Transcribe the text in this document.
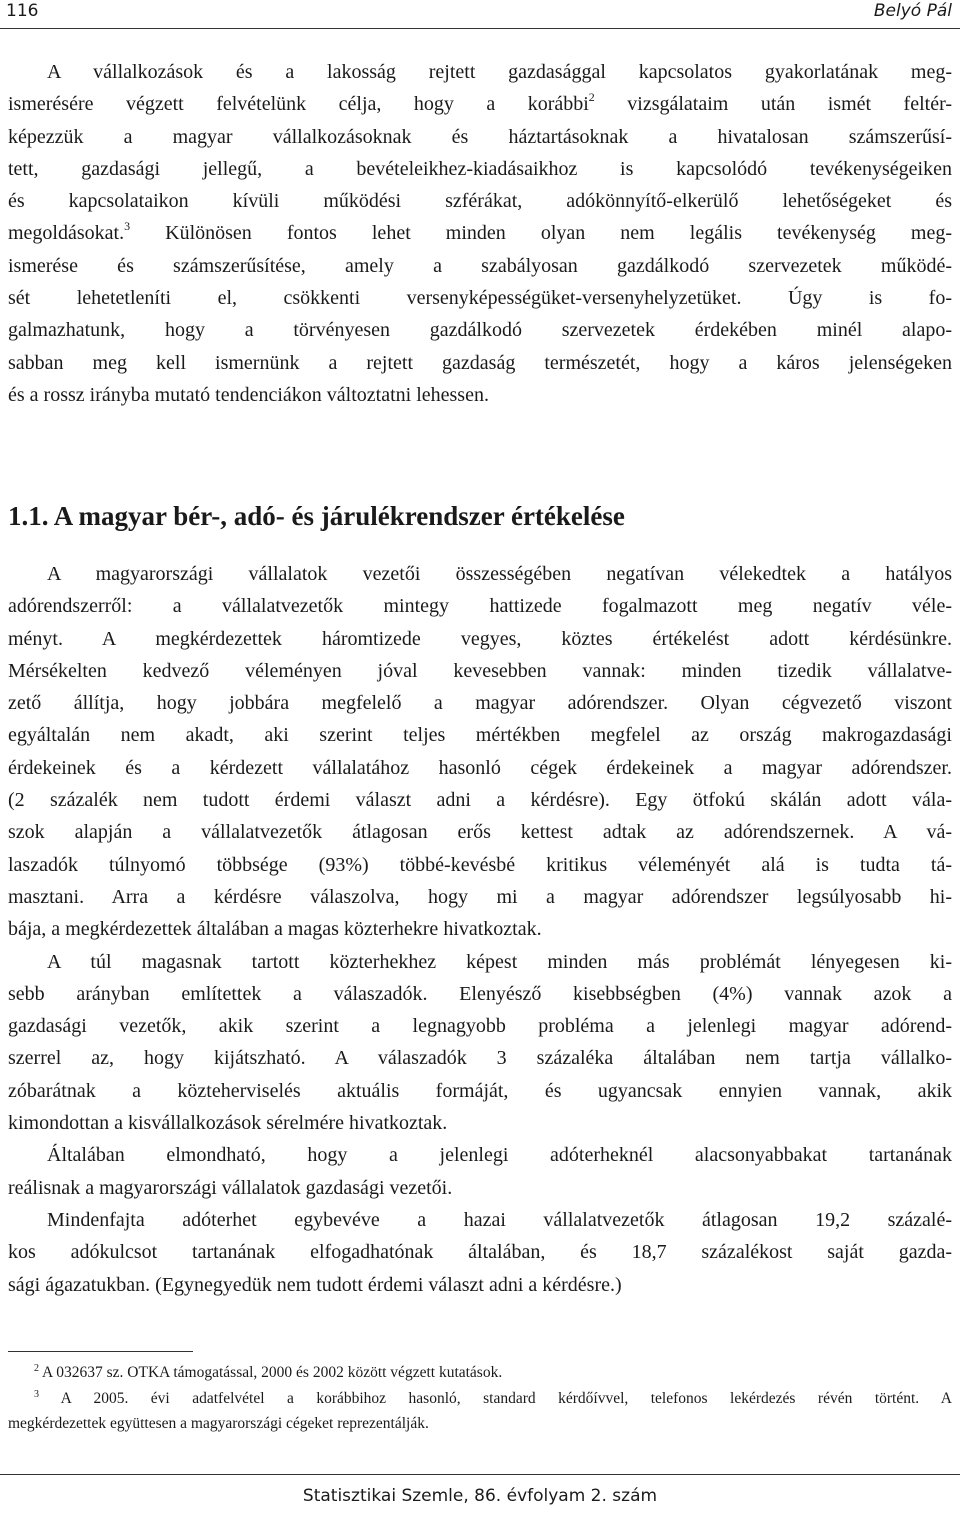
116	Belyó Pál
A vállalkozások és a lakosság rejtett gazdasággal kapcsolatos gyakorlatának meg-
ismerésére végzett felvételünk célja, hogy a korábbi$^2$ vizsgálataim után ismét feltér-
képezzük a magyar vállalkozásoknak és háztartásoknak a hivatalosan számszerűsí-
tett, gazdasági jellegű, a bevételeikhez-kiadásaikhoz is kapcsolódó tevékenységeiken
és kapcsolataikon kívüli működési szférákat, adókönnyítő-elkerülő lehetőségeket és
megoldásokat.$^3$ Különösen fontos lehet minden olyan nem legális tevékenység meg-
ismerése és számszerűsítése, amely a szabályosan gazdálkodó szervezetek működé-
sét lehetetleníti el, csökkenti versenyképességüket-versenyhelyzetüket. Úgy is fo-
galmazhatunk, hogy a törvényesen gazdálkodó szervezetek érdekében minél alapo-
sabban meg kell ismernünk a rejtett gazdaság természetét, hogy a káros jelenségeken
és a rossz irányba mutató tendenciákon változtatni lehessen.
1.1. A magyar bér-, adó- és járulékrendszer értékelése
A magyarországi vállalatok vezetői összességében negatívan vélekedtek a hatályos
adórendszerről: a vállalatvezetők mintegy hattizede fogalmazott meg negatív véle-
ményt. A megkérdezettek háromtizede vegyes, köztes értékelést adott kérdésünkre.
Mérsékelten kedvező véleményen jóval kevesebben vannak: minden tizedik vállalatve-
zető állítja, hogy jobbára megfelelő a magyar adórendszer. Olyan cégvezető viszont
egyáltalán nem akadt, aki szerint teljes mértékben megfelel az ország makrogazdasági
érdekeinek és a kérdezett vállalatához hasonló cégek érdekeinek a magyar adórendszer.
(2 százalék nem tudott érdemi választ adni a kérdésre). Egy ötfokú skálán adott vála-
szok alapján a vállalatvezetők átlagosan erős kettest adtak az adórendszernek. A vá-
laszadók túlnyomó többsége (93%) többé-kevésbé kritikus véleményét alá is tudta tá-
masztani. Arra a kérdésre válaszolva, hogy mi a magyar adórendszer legsúlyosabb hi-
bája, a megkérdezettek általában a magas közterhekre hivatkoztak.
A túl magasnak tartott közterhekhez képest minden más problémát lényegesen ki-
sebb arányban említettek a válaszadók. Elenyésző kisebbségben (4%) vannak azok a
gazdasági vezetők, akik szerint a legnagyobb probléma a jelenlegi magyar adórend-
szerrel az, hogy kijátszható. A válaszadók 3 százaléka általában nem tartja vállalko-
zóbarátnak a közteherviselés aktuális formáját, és ugyancsak ennyien vannak, akik
kimondottan a kisvállalkozások sérelmére hivatkoztak.
Általában elmondható, hogy a jelenlegi adóterheknél alacsonyabbakat tartanának
reálisnak a magyarországi vállalatok gazdasági vezetői.
Mindenfajta adóterhet egybevéve a hazai vállalatvezetők átlagosan 19,2 százalé-
kos adókulcsot tartanának elfogadhatónak általában, és 18,7 százalékost saját gazda-
sági ágazatukban. (Egynegyedük nem tudott érdemi választ adni a kérdésre.)
$^2$ A 032637 sz. OTKA támogatással, 2000 és 2002 között végzett kutatások.
$^3$ A 2005. évi adatfelvétel a korábbihoz hasonló, standard kérdőívvel, telefonos lekérdezés révén történt. A
megkérdezettek együttesen a magyarországi cégeket reprezentálják.
Statisztikai Szemle, 86. évfolyam 2. szám
